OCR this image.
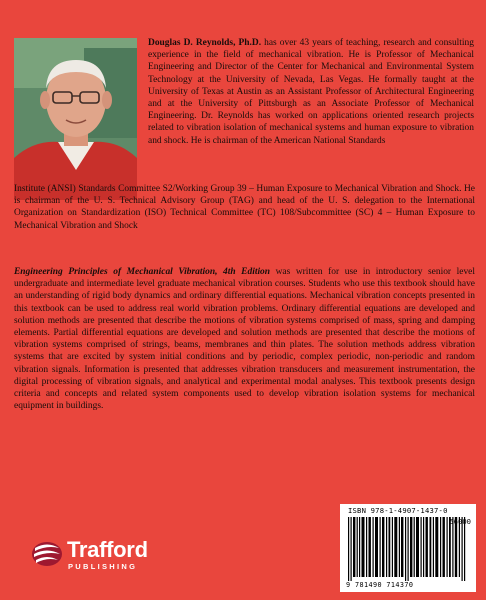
Douglas D. Reynolds, Ph.D. has over 43 years of teaching, research and consulting experience in the field of mechanical vibration. He is Professor of Mechanical Engineering and Director of the Center for Mechanical and Environmental System Technology at the University of Nevada, Las Vegas. He formally taught at the University of Texas at Austin as an Assistant Professor of Architectural Engineering and at the University of Pittsburgh as an Associate Professor of Mechanical Engineering. Dr. Reynolds has worked on applications oriented research projects related to vibration isolation of mechanical systems and human exposure to vibration and shock. He is chairman of the American National Standards

Institute (ANSI) Standards Committee S2/Working Group 39 – Human Exposure to Mechanical Vibration and Shock. He is chairman of the U. S. Technical Advisory Group (TAG) and head of the U. S. delegation to the International Organization on Standardization (ISO) Technical Committee (TC) 108/Subcommittee (SC) 4 – Human Exposure to Mechanical Vibration and Shock

Engineering Principles of Mechanical Vibration, 4th Edition was written for use in introductory senior level undergraduate and intermediate level graduate mechanical vibration courses. Students who use this textbook should have an understanding of rigid body dynamics and ordinary differential equations. Mechanical vibration concepts presented in this textbook can be used to address real world vibration problems. Ordinary differential equations are developed and solution methods are presented that describe the motions of vibration systems comprised of mass, spring and damping elements. Partial differential equations are developed and solution methods are presented that describe the motions of vibration systems comprised of strings, beams, membranes and thin plates. The solution methods address vibration systems that are excited by system initial conditions and by periodic, complex periodic, non-periodic and random vibration signals. Information is presented that addresses vibration transducers and measurement instrumentation, the digital processing of vibration signals, and analytical and experimental modal analyses. This textbook presents design criteria and concepts and related system components used to develop vibration isolation systems for mechanical equipment in buildings.

Trafford
PUBLISHING
ISBN 978-1-4907-1437-0
56000
9 781490 714370
